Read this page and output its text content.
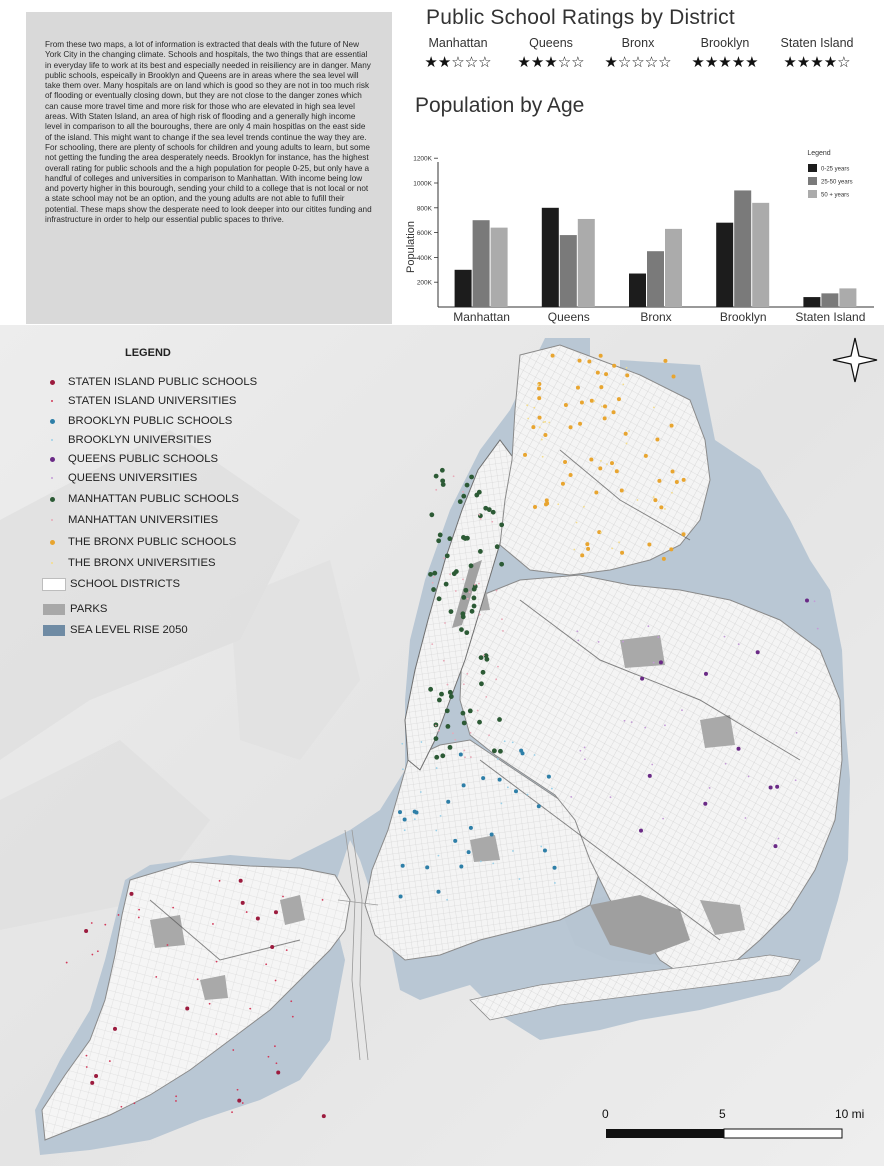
From these two maps, a lot of information is extracted that deals with the future of New York City in the changing climate. Schools and hospitals, the two things that are essential in everyday life to work at its best and especially needed in reisiliency are in danger. Many public schools, espeically in Brooklyn and Queens are in areas where the sea level will take them over. Many hospitals are on land which is good so they are not in too much risk of flooding or eventually closing down, but they are not close to the danger zones which can cause more travel time and more risk for those who are elevated in high sea level areas. With Staten Island, an area of high risk of flooding and a generally high income level in comparison to all the bouroughs, there are only 4 main hospitlas on the east side of the island. This might want to change if the sea level trends continue the way they are. For schooling, there are plenty of schools for children and young adults to learn, but some not getting the funding the area desperately needs. Brooklyn for instance, has the highest overall rating for public schools and the a high population for people 0-25, but only have a handful of colleges and universities in comparison to Manhattan. With income being low and poverty higher in this bourough, sending your child to a college that is not local or not a state school may not be an option, and the young adults are not able to fufill their potential. These maps show the desperate need to look deeper into our citites funding and infrastructure in order to help our essential public spaces to thrive.

Public School Ratings by District
Manhattan
★★☆☆☆
Queens
★★★☆☆
Bronx
★☆☆☆☆
Brooklyn
★★★★★
Staten Island
★★★★☆
Population by Age
200K
400K
600K
800K
1000K
1200K
Population
Manhattan	Queens	Bronx	Brooklyn Staten Island
Legend
0-25 years
25-50 years
50 + years
LEGEND
STATEN ISLAND PUBLIC SCHOOLS
STATEN ISLAND UNIVERSITIES
BROOKLYN PUBLIC SCHOOLS
BROOKLYN UNIVERSITIES
QUEENS PUBLIC SCHOOLS
QUEENS UNIVERSITIES
MANHATTAN PUBLIC SCHOOLS
MANHATTAN UNIVERSITIES
THE BRONX PUBLIC SCHOOLS
THE BRONX UNIVERSITIES
SCHOOL DISTRICTS
PARKS
SEA LEVEL RISE 2050
0	5	10 mi
